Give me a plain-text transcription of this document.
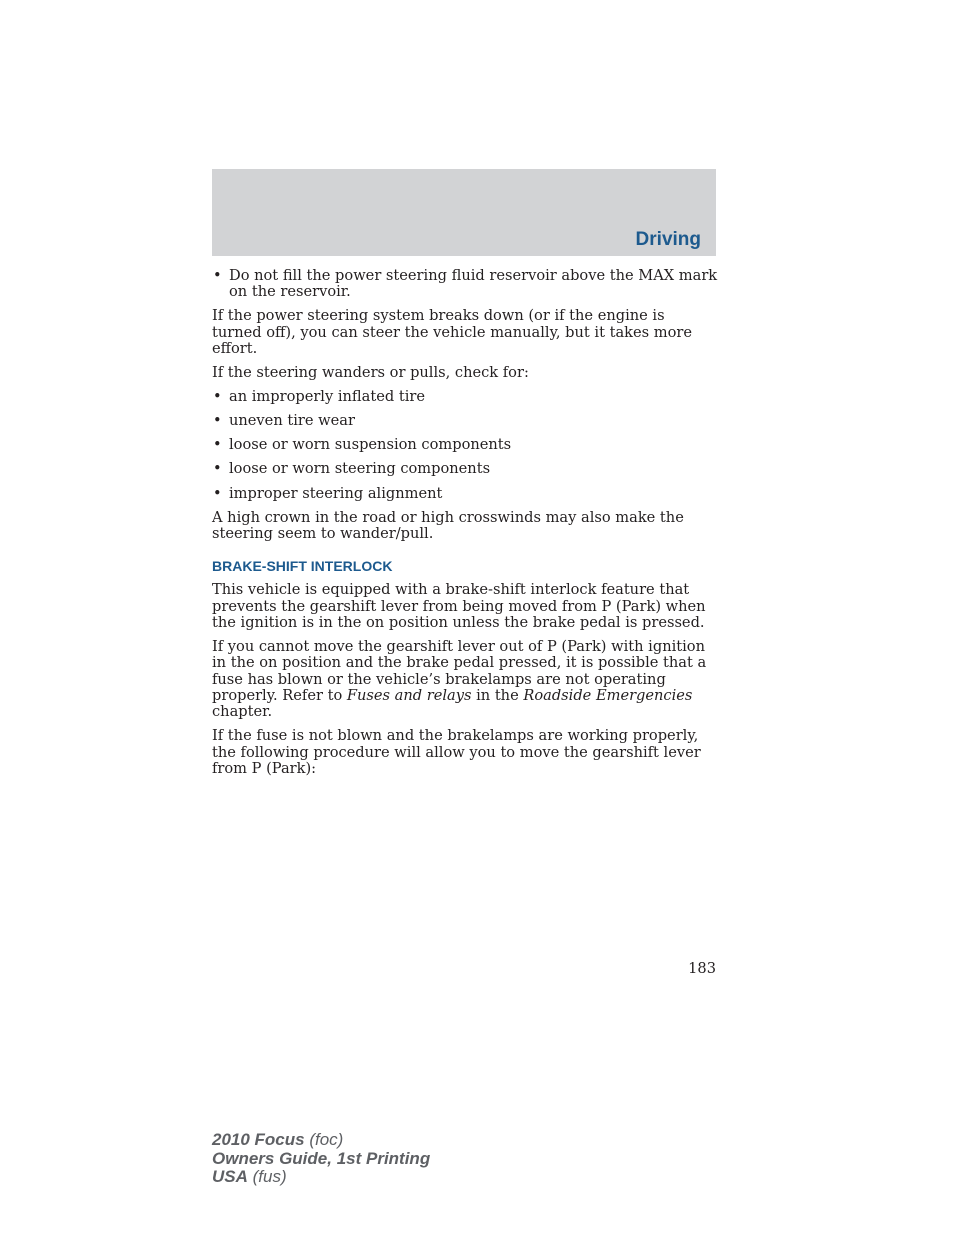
Driving
• Do not fill the power steering fluid reservoir above the MAX mark on the reservoir.

If the power steering system breaks down (or if the engine is turned off), you can steer the vehicle manually, but it takes more effort.

If the steering wanders or pulls, check for:

• an improperly inflated tire
• uneven tire wear
• loose or worn suspension components
• loose or worn steering components
• improper steering alignment

A high crown in the road or high crosswinds may also make the steering seem to wander/pull.

BRAKE-SHIFT INTERLOCK

This vehicle is equipped with a brake-shift interlock feature that prevents the gearshift lever from being moved from P (Park) when the ignition is in the on position unless the brake pedal is pressed.

If you cannot move the gearshift lever out of P (Park) with ignition in the on position and the brake pedal pressed, it is possible that a fuse has blown or the vehicle’s brakelamps are not operating properly. Refer to Fuses and relays in the Roadside Emergencies chapter.

If the fuse is not blown and the brakelamps are working properly, the following procedure will allow you to move the gearshift lever from P (Park):

183
2010 Focus (foc)
Owners Guide, 1st Printing
USA (fus)
